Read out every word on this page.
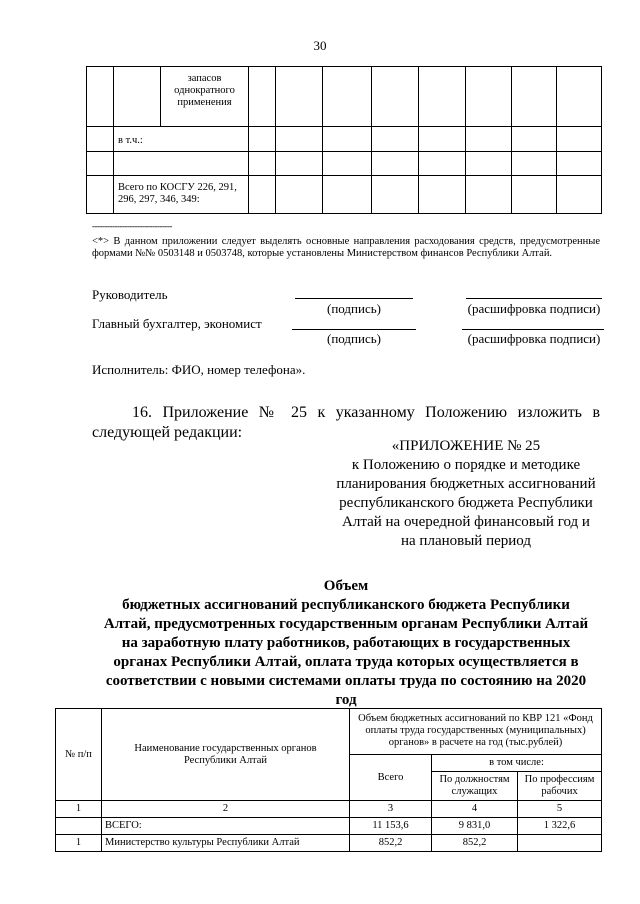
30
		запасов однократного применения								
	в т.ч.:									

	Всего по КОСГУ 226, 291, 296, 297, 346, 349:									
--------------------------------
<*> В данном приложении следует выделять основные направления расходования средств, предусмотренные формами №№ 0503148 и 0503748, которые установлены Министерством финансов Республики Алтай.
Руководитель
(подпись)	(расшифровка подписи)
Главный бухгалтер, экономист
(подпись)	(расшифровка подписи)
Исполнитель: ФИО, номер телефона».
16. Приложение № 25 к указанному Положению изложить в
следующей редакции:
«ПРИЛОЖЕНИЕ № 25
к Положению о порядке и методике
планирования бюджетных ассигнований
республиканского бюджета Республики
Алтай на очередной финансовый год и
на плановый период
Объем
бюджетных ассигнований республиканского бюджета Республики
Алтай, предусмотренных государственным органам Республики Алтай
на заработную плату работников, работающих в государственных
органах Республики Алтай, оплата труда которых осуществляется в
соответствии с новыми системами оплаты труда по состоянию на 2020
год
№ п/п	Наименование государственных органов Республики Алтай	Объем бюджетных ассигнований по КВР 121 «Фонд оплаты труда государственных (муниципальных) органов» в расчете на год (тыс.рублей)		
		Всего	в том числе:	
			По должностям служащих	По профессиям рабочих
1	2	3	4	5
	ВСЕГО:	11 153,6	9 831,0	1 322,6
1	Министерство культуры Республики Алтай	852,2	852,2	
